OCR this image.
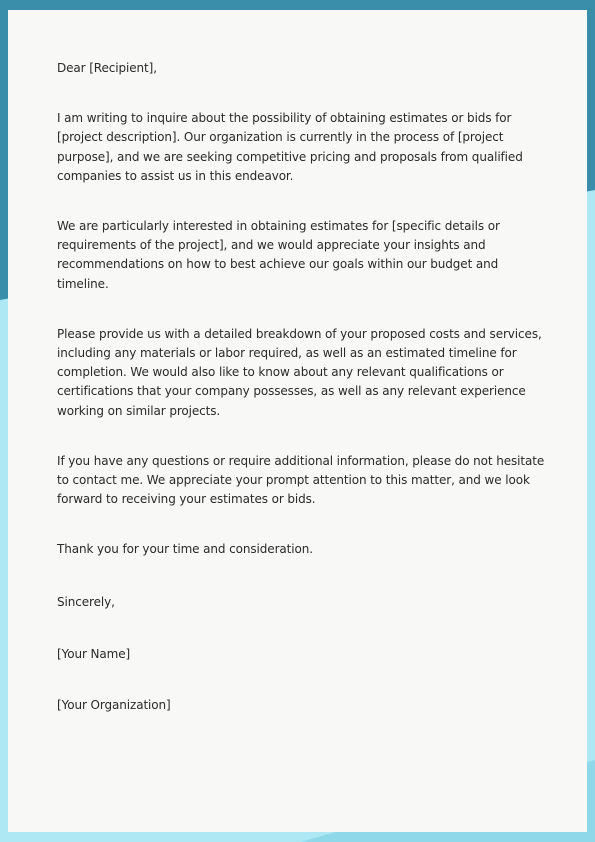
Dear [Recipient],

I am writing to inquire about the possibility of obtaining estimates or bids for [project description]. Our organization is currently in the process of [project purpose], and we are seeking competitive pricing and proposals from qualified companies to assist us in this endeavor.

We are particularly interested in obtaining estimates for [specific details or requirements of the project], and we would appreciate your insights and recommendations on how to best achieve our goals within our budget and timeline.

Please provide us with a detailed breakdown of your proposed costs and services, including any materials or labor required, as well as an estimated timeline for completion. We would also like to know about any relevant qualifications or certifications that your company possesses, as well as any relevant experience working on similar projects.

If you have any questions or require additional information, please do not hesitate to contact me. We appreciate your prompt attention to this matter, and we look forward to receiving your estimates or bids.

Thank you for your time and consideration.

Sincerely,

[Your Name]

[Your Organization]
